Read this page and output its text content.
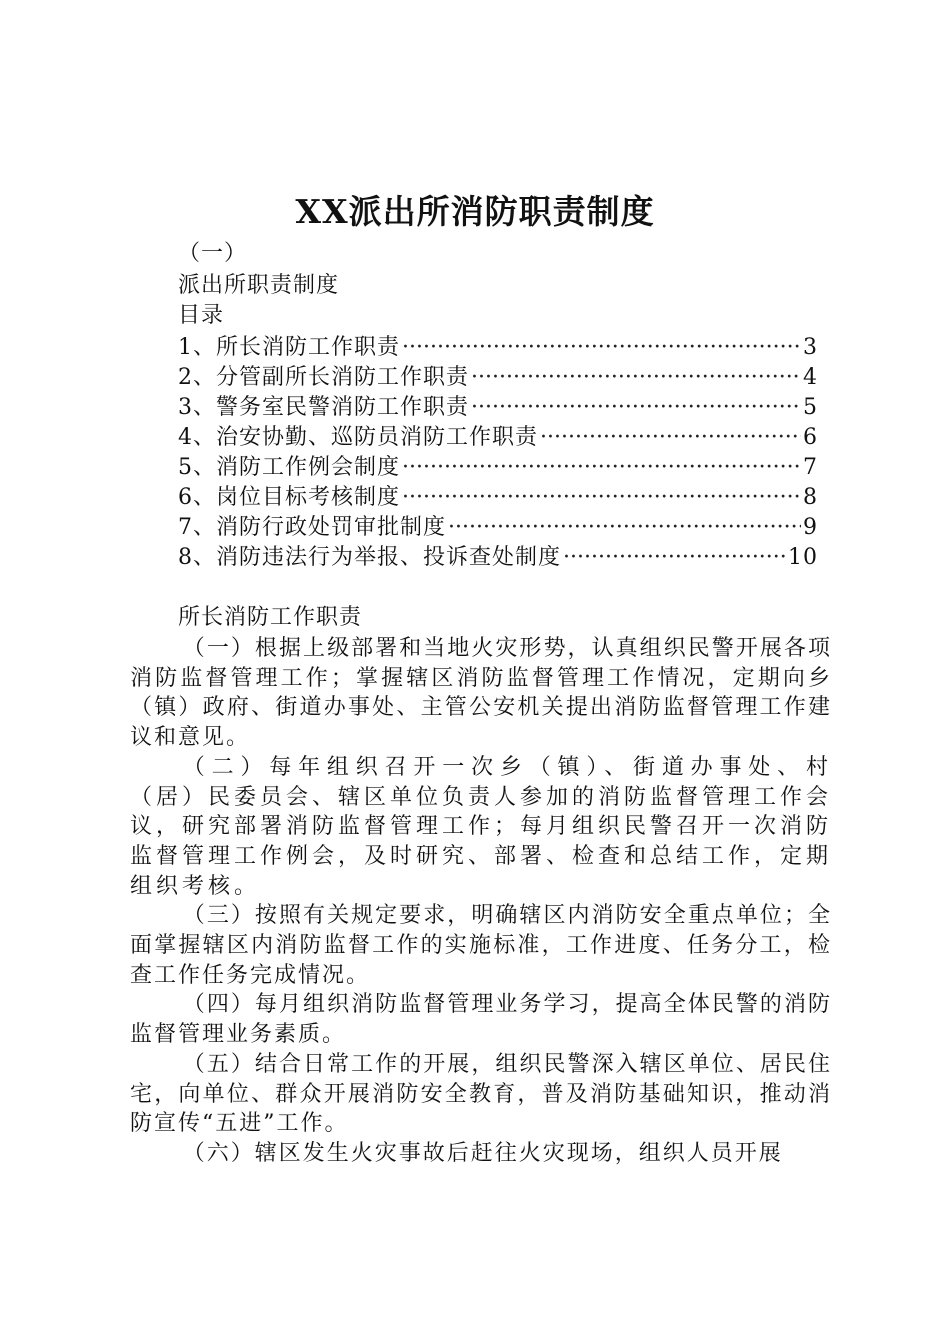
XX派出所消防职责制度
（一）
派出所职责制度
目录
1、所长消防工作职责 ·····	3
2、分管副所长消防工作职责 ·····	4
3、警务室民警消防工作职责 ·····	5
4、治安协勤、巡防员消防工作职责 ·····	6
5、消防工作例会制度 ·····	7
6、岗位目标考核制度 ·····	8
7、消防行政处罚审批制度 ·····	9
8、消防违法行为举报、投诉查处制度 ·····	10
所长消防工作职责

（一）根据上级部署和当地火灾形势，认真组织民警开展各项消防监督管理工作；掌握辖区消防监督管理工作情况，定期向乡（镇）政府、街道办事处、主管公安机关提出消防监督管理工作建议和意见。

（二）每年组织召开一次乡（镇）、街道办事处、村（居）民委员会、辖区单位负责人参加的消防监督管理工作会议，研究部署消防监督管理工作；每月组织民警召开一次消防监督管理工作例会，及时研究、部署、检查和总结工作，定期组织考核。

（三）按照有关规定要求，明确辖区内消防安全重点单位；全面掌握辖区内消防监督工作的实施标准，工作进度、任务分工，检查工作任务完成情况。

（四）每月组织消防监督管理业务学习，提高全体民警的消防监督管理业务素质。

（五）结合日常工作的开展，组织民警深入辖区单位、居民住宅，向单位、群众开展消防安全教育，普及消防基础知识，推动消防宣传“五进”工作。

（六）辖区发生火灾事故后赶往火灾现场，组织人员开展
